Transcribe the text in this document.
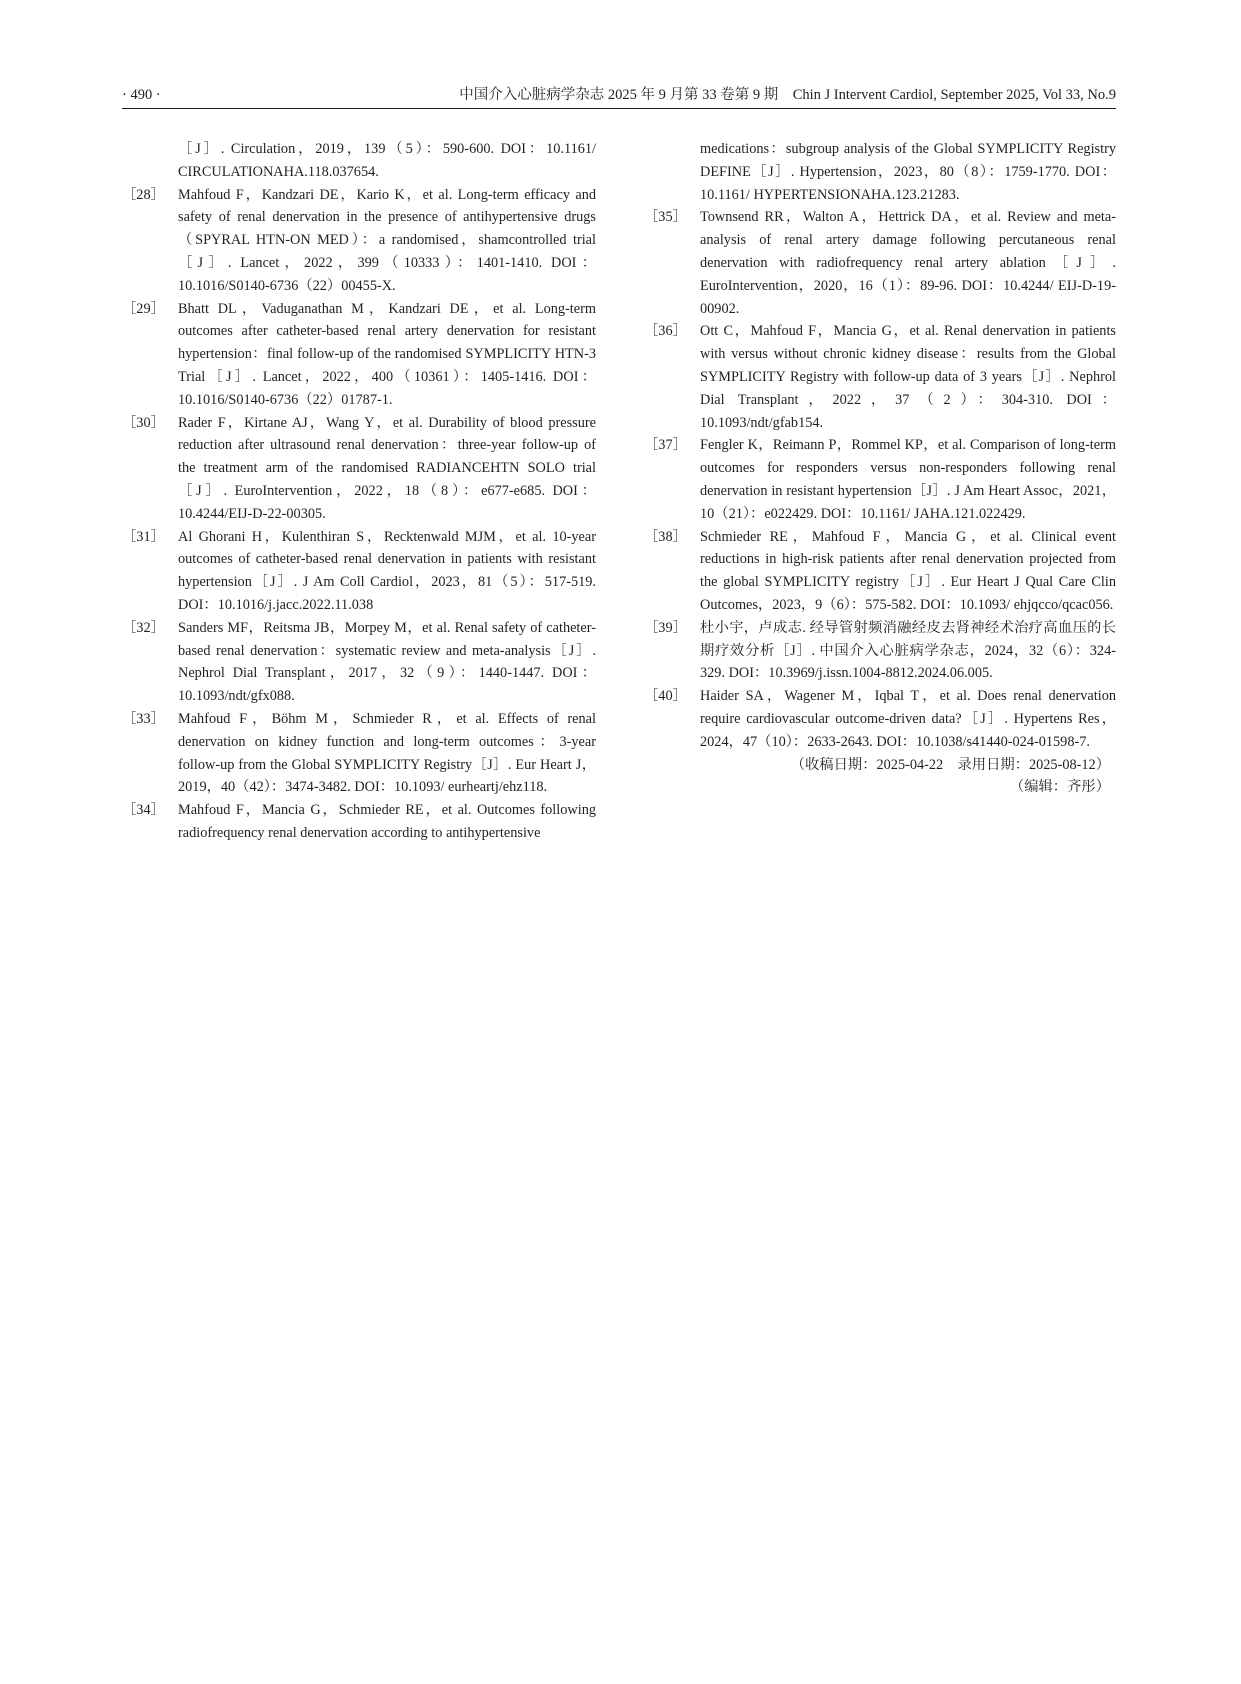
· 490 ·	中国介入心脏病学杂志 2025 年 9 月第 33 卷第 9 期　Chin J Intervent Cardiol, September 2025, Vol 33, No.9
［J］. Circulation，2019，139（5）：590-600. DOI：10.1161/ CIRCULATIONAHA.118.037654.
［28］ Mahfoud F，Kandzari DE，Kario K，et al. Long-term efficacy and safety of renal denervation in the presence of antihypertensive drugs（SPYRAL HTN-ON MED）：a randomised，shamcontrolled trial［J］. Lancet，2022，399（10333）：1401-1410. DOI：10.1016/S0140-6736（22）00455-X.
［29］ Bhatt DL，Vaduganathan M，Kandzari DE，et al. Long-term outcomes after catheter-based renal artery denervation for resistant hypertension：final follow-up of the randomised SYMPLICITY HTN-3 Trial［J］. Lancet，2022，400（10361）：1405-1416. DOI：10.1016/S0140-6736（22）01787-1.
［30］ Rader F，Kirtane AJ，Wang Y，et al. Durability of blood pressure reduction after ultrasound renal denervation：three-year follow-up of the treatment arm of the randomised RADIANCEHTN SOLO trial［J］. EuroIntervention，2022，18（8）：e677-e685. DOI：10.4244/EIJ-D-22-00305.
［31］ Al Ghorani H，Kulenthiran S，Recktenwald MJM，et al. 10-year outcomes of catheter-based renal denervation in patients with resistant hypertension［J］. J Am Coll Cardiol，2023，81（5）：517-519. DOI：10.1016/j.jacc.2022.11.038
［32］ Sanders MF，Reitsma JB，Morpey M，et al. Renal safety of catheter-based renal denervation：systematic review and meta-analysis［J］. Nephrol Dial Transplant，2017，32（9）：1440-1447. DOI：10.1093/ndt/gfx088.
［33］ Mahfoud F，Böhm M，Schmieder R，et al. Effects of renal denervation on kidney function and long-term outcomes：3-year follow-up from the Global SYMPLICITY Registry［J］. Eur Heart J，2019，40（42）：3474-3482. DOI：10.1093/ eurheartj/ehz118.
［34］ Mahfoud F，Mancia G，Schmieder RE，et al. Outcomes following radiofrequency renal denervation according to antihypertensive
medications：subgroup analysis of the Global SYMPLICITY Registry DEFINE［J］. Hypertension，2023，80（8）：1759-1770. DOI：10.1161/ HYPERTENSIONAHA.123.21283.
［35］ Townsend RR，Walton A，Hettrick DA，et al. Review and meta-analysis of renal artery damage following percutaneous renal denervation with radiofrequency renal artery ablation［J］. EuroIntervention，2020，16（1）：89-96. DOI：10.4244/ EIJ-D-19-00902.
［36］ Ott C，Mahfoud F，Mancia G，et al. Renal denervation in patients with versus without chronic kidney disease：results from the Global SYMPLICITY Registry with follow-up data of 3 years［J］. Nephrol Dial Transplant，2022，37（2）：304-310. DOI：10.1093/ndt/gfab154.
［37］ Fengler K，Reimann P，Rommel KP，et al. Comparison of long-term outcomes for responders versus non-responders following renal denervation in resistant hypertension［J］. J Am Heart Assoc，2021，10（21）：e022429. DOI：10.1161/ JAHA.121.022429.
［38］ Schmieder RE，Mahfoud F，Mancia G，et al. Clinical event reductions in high-risk patients after renal denervation projected from the global SYMPLICITY registry［J］. Eur Heart J Qual Care Clin Outcomes，2023，9（6）：575-582. DOI：10.1093/ ehjqcco/qcac056.
［39］ 杜小宇，卢成志. 经导管射频消融经皮去肾神经术治疗高血压的长期疗效分析［J］. 中国介入心脏病学杂志，2024，32（6）：324-329. DOI：10.3969/j.issn.1004-8812.2024.06.005.
［40］ Haider SA，Wagener M，Iqbal T，et al. Does renal denervation require cardiovascular outcome-driven data?［J］. Hypertens Res，2024，47（10）：2633-2643. DOI：10.1038/s41440-024-01598-7.
（收稿日期：2025-04-22　录用日期：2025-08-12）
（编辑：齐彤）
